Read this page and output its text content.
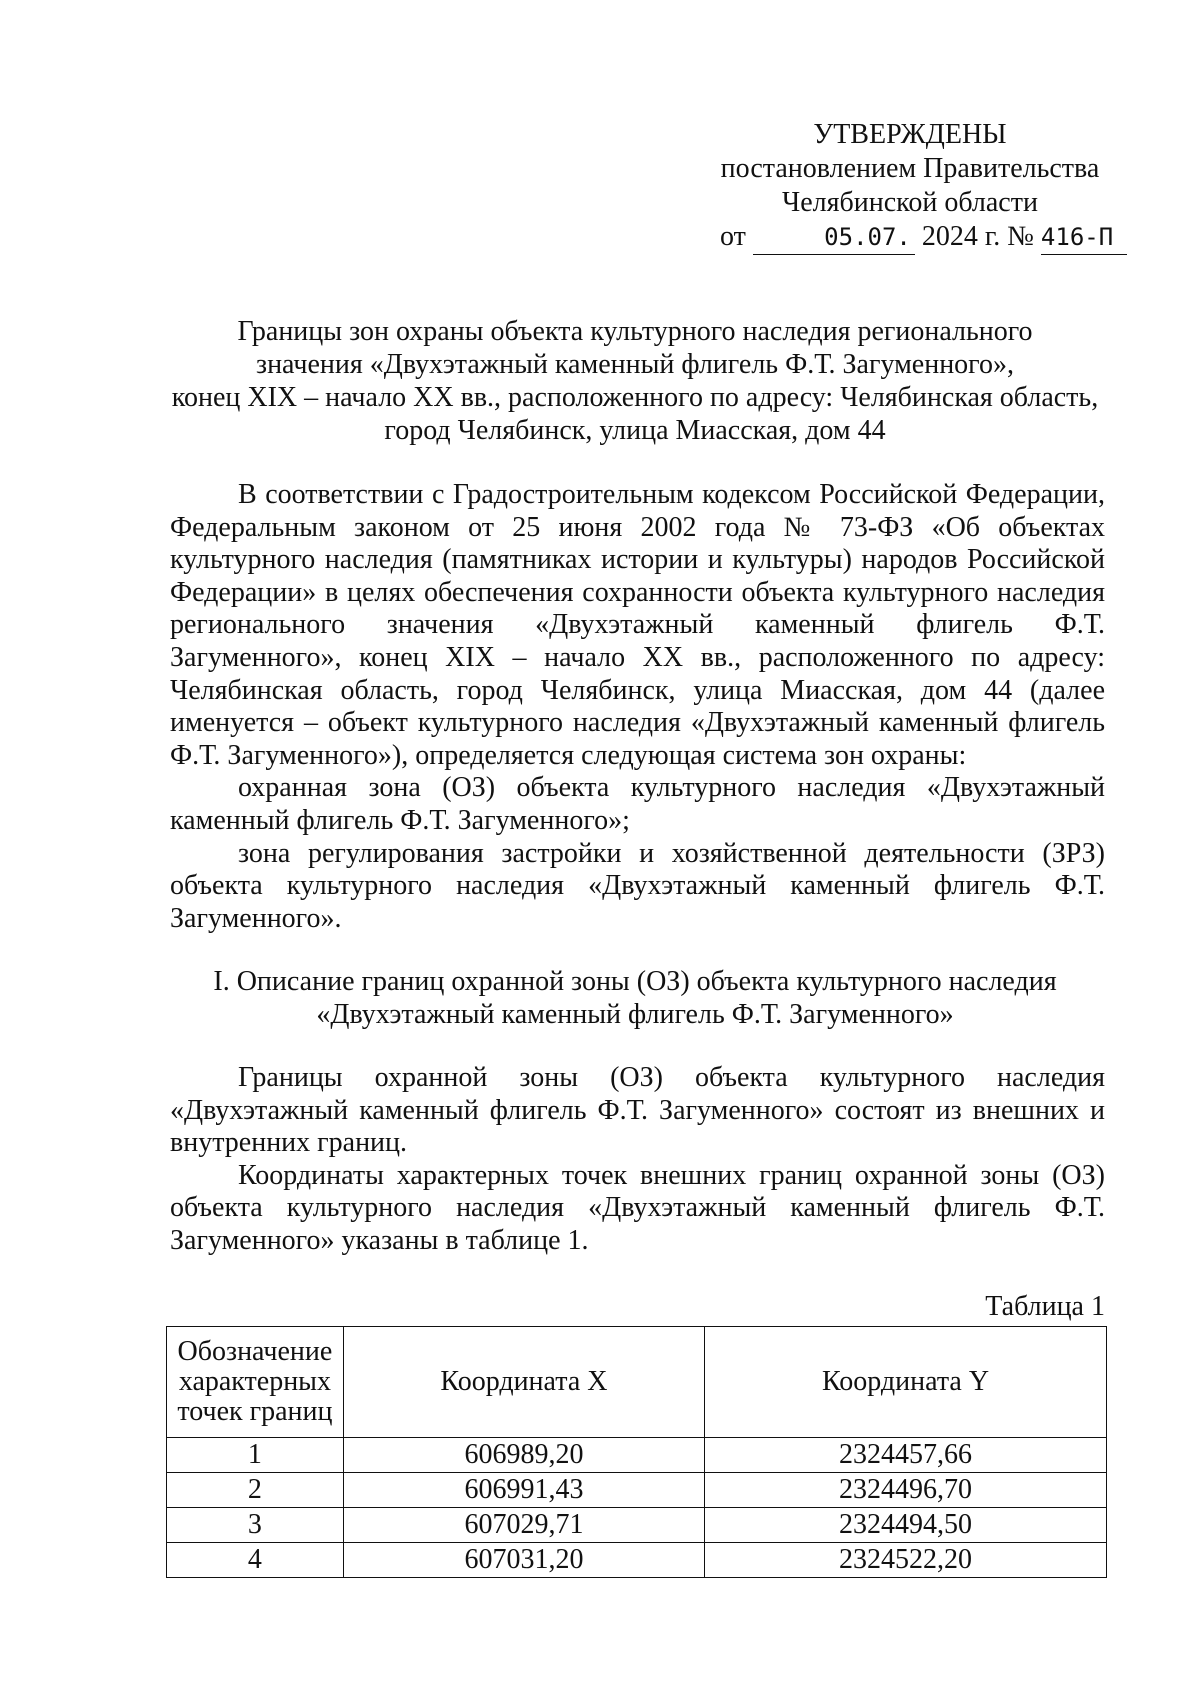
УТВЕРЖДЕНЫ
постановлением Правительства
Челябинской области
от	05.07. 2024 г. № 416-П
Границы зон охраны объекта культурного наследия регионального
значения «Двухэтажный каменный флигель Ф.Т. Загуменного»,
конец XIX – начало XX вв., расположенного по адресу: Челябинская область,
город Челябинск, улица Миасская, дом 44

В соответствии с Градостроительным кодексом Российской Федерации, Федеральным законом от 25 июня 2002 года № 73-ФЗ «Об объектах культурного наследия (памятниках истории и культуры) народов Российской Федерации» в целях обеспечения сохранности объекта культурного наследия регионального значения «Двухэтажный каменный флигель Ф.Т. Загуменного», конец XIX – начало XX вв., расположенного по адресу: Челябинская область, город Челябинск, улица Миасская, дом 44 (далее именуется – объект культурного наследия «Двухэтажный каменный флигель Ф.Т. Загуменного»), определяется следующая система зон охраны:

охранная зона (ОЗ) объекта культурного наследия «Двухэтажный каменный флигель Ф.Т. Загуменного»;

зона регулирования застройки и хозяйственной деятельности (ЗРЗ) объекта культурного наследия «Двухэтажный каменный флигель Ф.Т. Загуменного».

I. Описание границ охранной зоны (ОЗ) объекта культурного наследия
«Двухэтажный каменный флигель Ф.Т. Загуменного»

Границы охранной зоны (ОЗ) объекта культурного наследия «Двухэтажный каменный флигель Ф.Т. Загуменного» состоят из внешних и внутренних границ.

Координаты характерных точек внешних границ охранной зоны (ОЗ) объекта культурного наследия «Двухэтажный каменный флигель Ф.Т. Загуменного» указаны в таблице 1.

Таблица 1
Обозначение характерных точек границ	Координата X	Координата Y
1	606989,20	2324457,66
2	606991,43	2324496,70
3	607029,71	2324494,50
4	607031,20	2324522,20
